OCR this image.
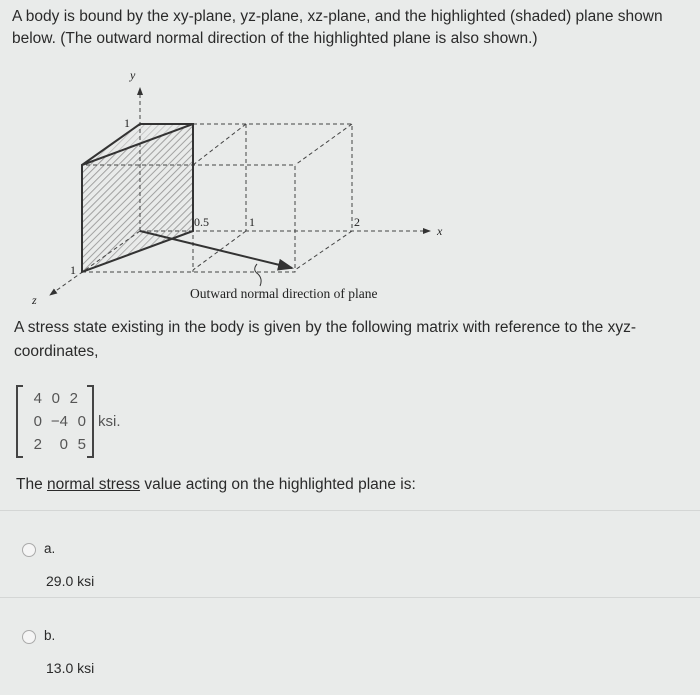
A body is bound by the xy-plane, yz-plane, xz-plane, and the highlighted (shaded) plane shown below. (The outward normal direction of the highlighted plane is also shown.)
y
x
z
1
1
0.5	1	2
Outward normal direction of plane
A stress state existing in the body is given by the following matrix with reference to the xyz-coordinates,
4 0 2
0 −4 0
2	0 5
ksi.
The normal stress value acting on the highlighted plane is:
a.
29.0 ksi
b.
13.0 ksi
